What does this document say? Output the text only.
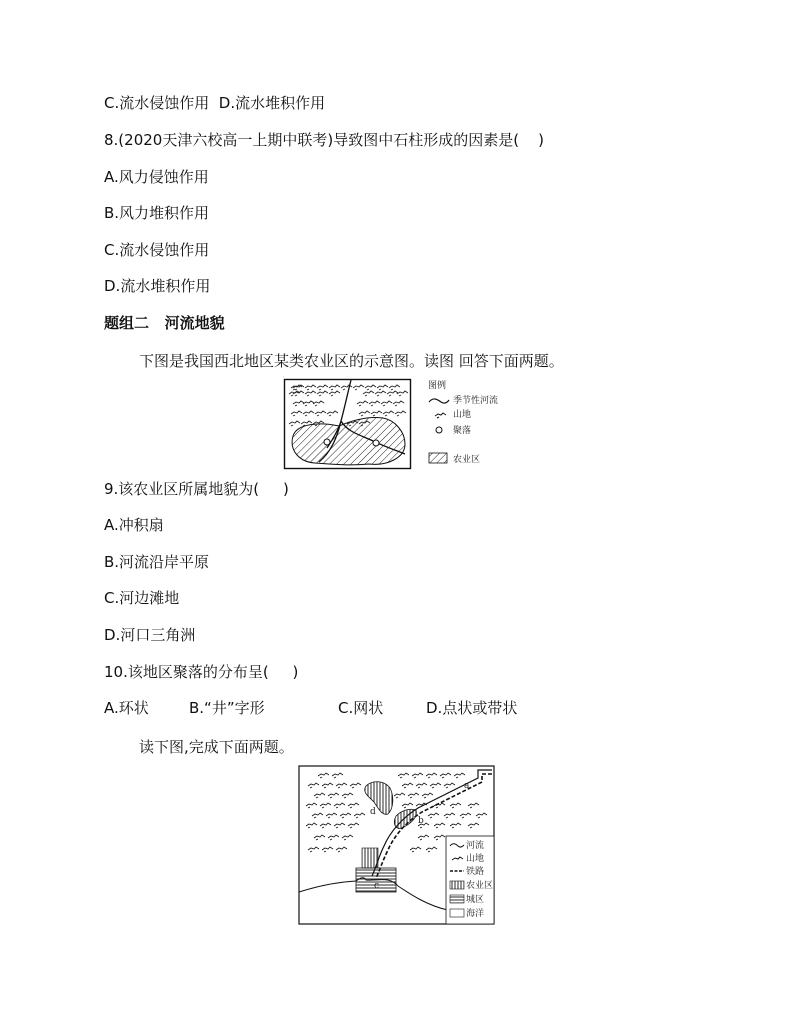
C.流水侵蚀作用  D.流水堆积作用
8.(2020天津六校高一上期中联考)导致图中石柱形成的因素是(    )
A.风力侵蚀作用
B.风力堆积作用
C.流水侵蚀作用
D.流水堆积作用
题组二   河流地貌
下图是我国西北地区某类农业区的示意图。读图 回答下面两题。
图例
季节性河流
山地
聚落
农业区
9.该农业区所属地貌为(     )
A.冲积扇
B.河流沿岸平原
C.河边滩地
D.河口三角洲
10.该地区聚落的分布呈(     )
A.环状	B.“井”字形	C.网状	D.点状或带状
读下图,完成下面两题。
a
b
c
d
河流
山地
铁路
农业区
城区
海洋
